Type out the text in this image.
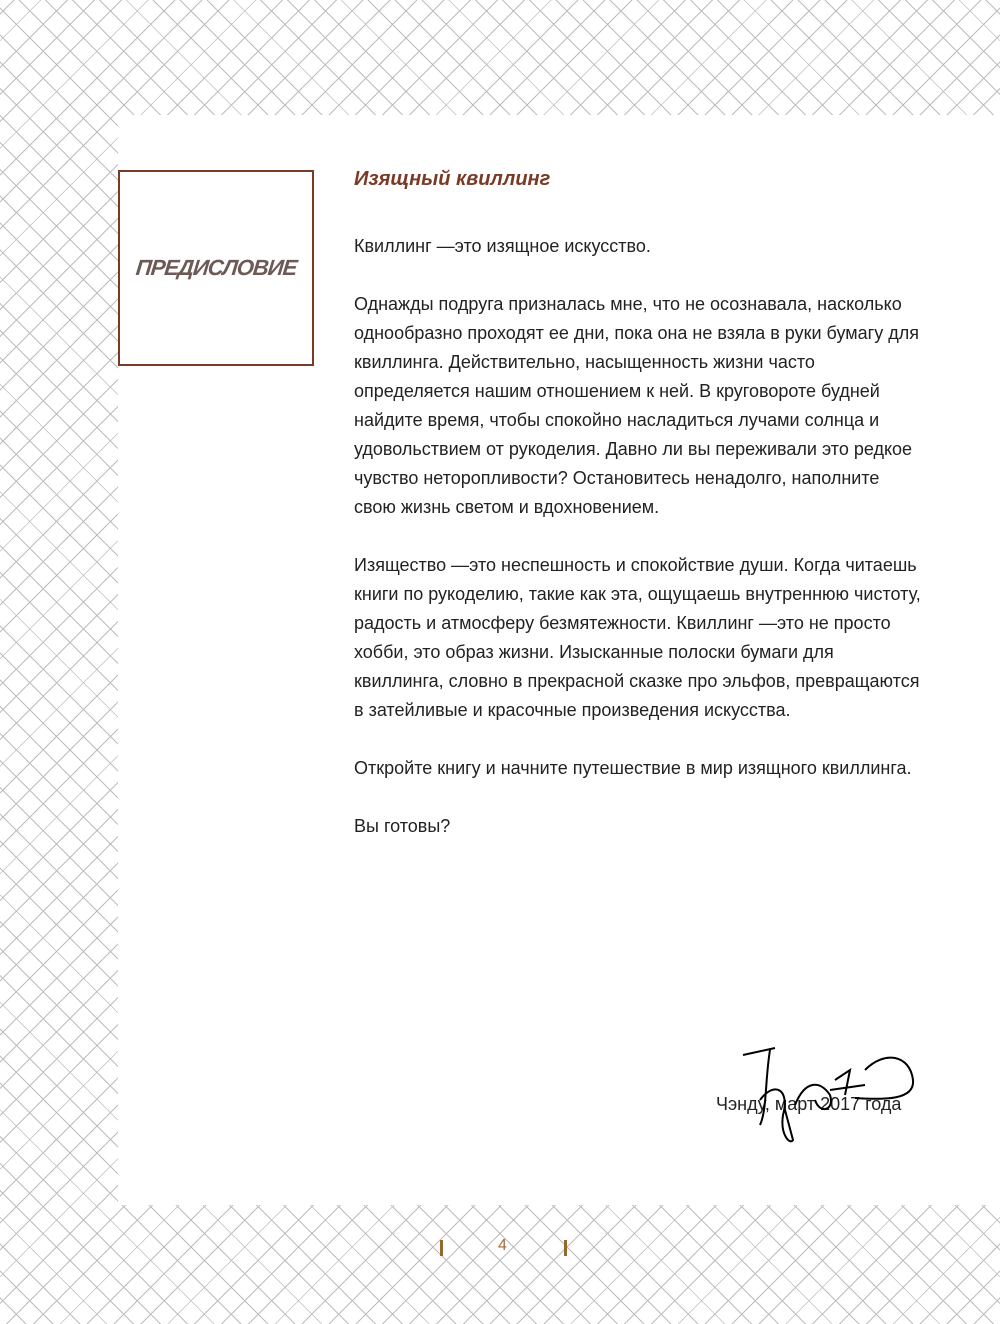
ПРЕДИСЛОВИЕ
Изящный квиллинг

Квиллинг —это изящное искусство.

Однажды подруга призналась мне, что не осознавала, насколько однообразно проходят ее дни, пока она не взяла в руки бумагу для квиллинга. Действительно, насыщенность жизни часто определяется нашим отношением к ней. В круговороте будней найдите время, чтобы спокойно насладиться лучами солнца и удовольствием от рукоделия. Давно ли вы переживали это редкое чувство неторопливости? Остановитесь ненадолго, наполните свою жизнь светом и вдохновением.

Изящество —это неспешность и спокойствие души. Когда читаешь книги по рукоделию, такие как эта, ощущаешь внутреннюю чистоту, радость и атмосферу безмятежности. Квиллинг —это не просто хобби, это образ жизни. Изысканные полоски бумаги для квиллинга, словно в прекрасной сказке про эльфов, превращаются в затейливые и красочные произведения искусства.

Откройте книгу и начните путешествие в мир изящного квиллинга.

Вы готовы?

Чэнду, март 2017 года
4
